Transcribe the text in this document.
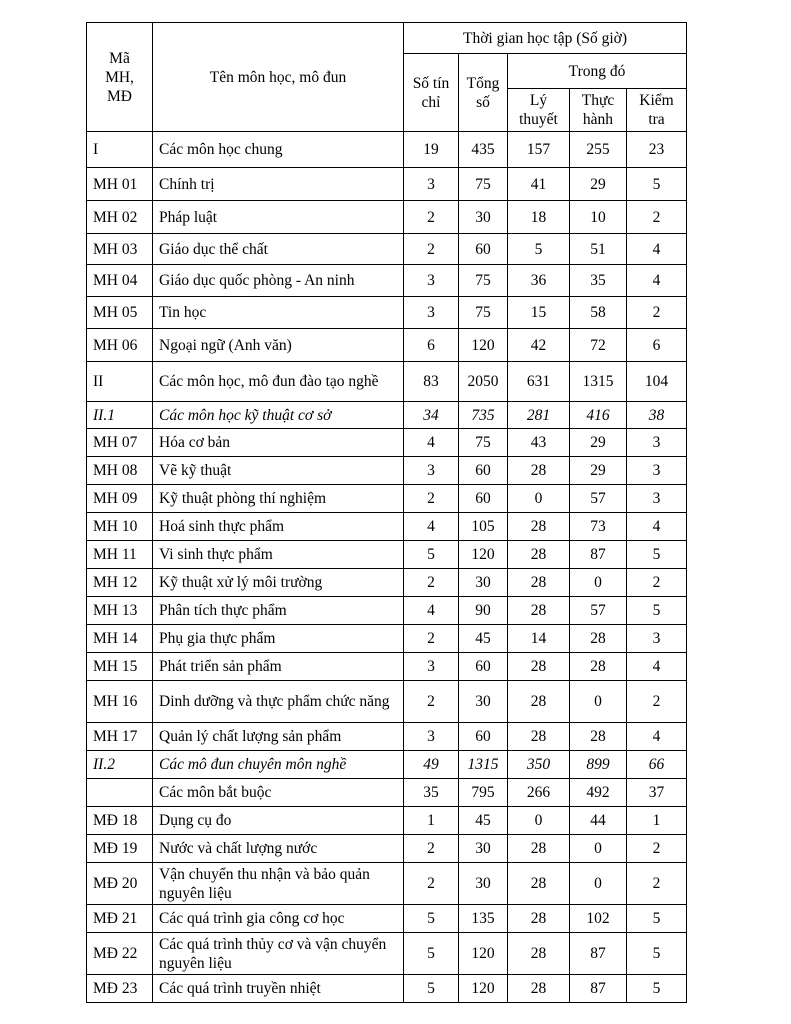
Mã MH, MĐ	Tên môn học, mô đun	Thời gian học tập (Số giờ)				
		Số tín chỉ	Tổng số	Trong đó		
				Lý thuyết	Thực hành	Kiểm tra
I	Các môn học chung	19	435	157	255	23
MH 01	Chính trị	3	75	41	29	5
MH 02	Pháp luật	2	30	18	10	2
MH 03	Giáo dục thể chất	2	60	5	51	4
MH 04	Giáo dục quốc phòng - An ninh	3	75	36	35	4
MH 05	Tin học	3	75	15	58	2
MH 06	Ngoại ngữ (Anh văn)	6	120	42	72	6
II	Các môn học, mô đun đào tạo nghề	83	2050	631	1315	104
II.1	Các môn học kỹ thuật cơ sở	34	735	281	416	38
MH 07	Hóa cơ bản	4	75	43	29	3
MH 08	Vẽ kỹ thuật	3	60	28	29	3
MH 09	Kỹ thuật phòng thí nghiệm	2	60	0	57	3
MH 10	Hoá sinh thực phẩm	4	105	28	73	4
MH 11	Vi sinh thực phẩm	5	120	28	87	5
MH 12	Kỹ thuật xử lý môi trường	2	30	28	0	2
MH 13	Phân tích thực phẩm	4	90	28	57	5
MH 14	Phụ gia thực phẩm	2	45	14	28	3
MH 15	Phát triển sản phẩm	3	60	28	28	4
MH 16	Dinh dưỡng và thực phẩm chức năng	2	30	28	0	2
MH 17	Quản lý chất lượng sản phẩm	3	60	28	28	4
II.2	Các mô đun chuyên môn nghề	49	1315	350	899	66
	Các môn bắt buộc	35	795	266	492	37
MĐ 18	Dụng cụ đo	1	45	0	44	1
MĐ 19	Nước và chất lượng nước	2	30	28	0	2
MĐ 20	Vận chuyển thu nhận và bảo quản nguyên liệu	2	30	28	0	2
MĐ 21	Các quá trình gia công cơ học	5	135	28	102	5
MĐ 22	Các quá trình thủy cơ và vận chuyển nguyên liệu	5	120	28	87	5
MĐ 23	Các quá trình truyền nhiệt	5	120	28	87	5
